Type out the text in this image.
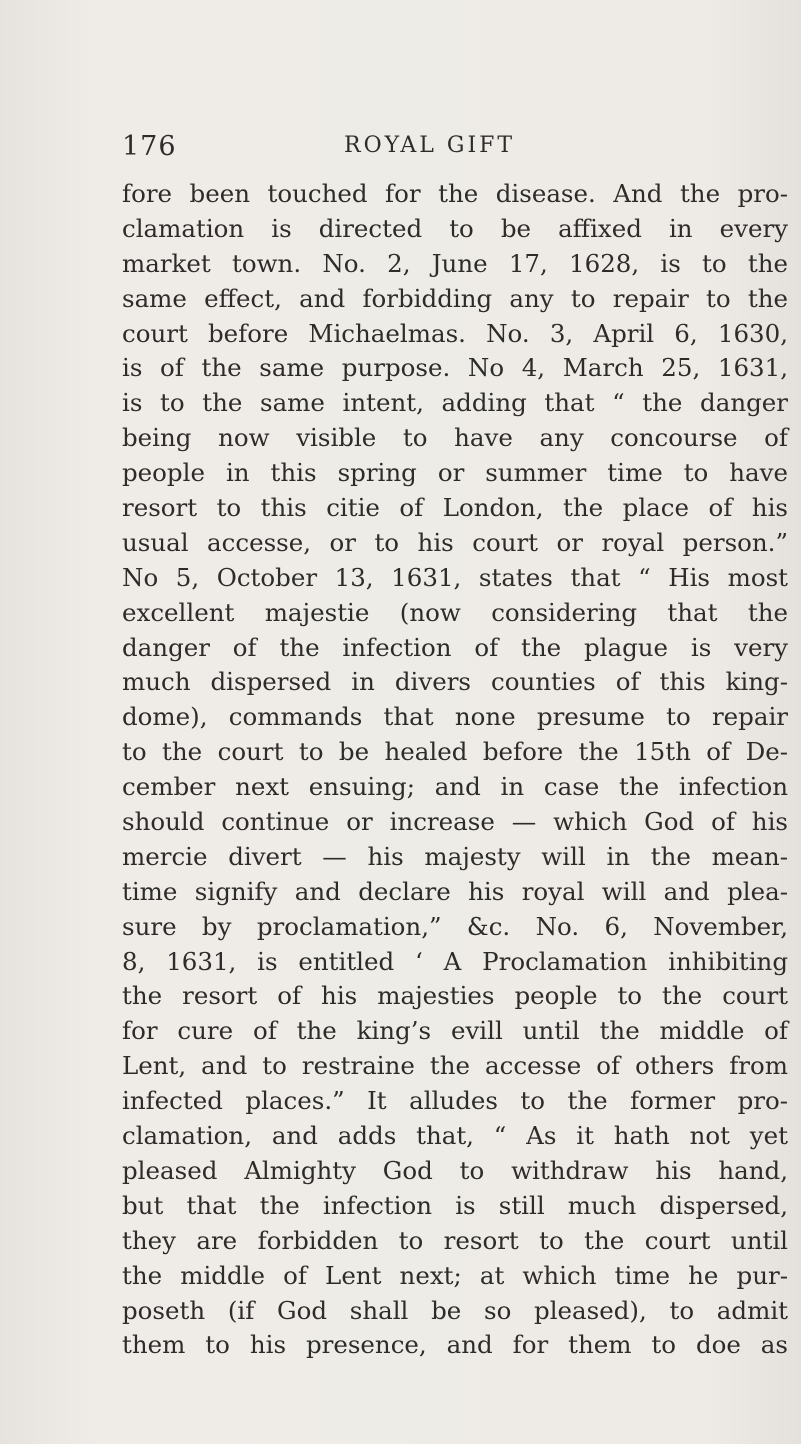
176	ROYAL GIFT
fore been touched for the disease. And the pro-
clamation is directed to be affixed in every
market town. No. 2, June 17, 1628, is to the
same effect, and forbidding any to repair to the
court before Michaelmas. No. 3, April 6, 1630,
is of the same purpose. No 4, March 25, 1631,
is to the same intent, adding that “ the danger
being now visible to have any concourse of
people in this spring or summer time to have
resort to this citie of London, the place of his
usual accesse, or to his court or royal person.”
No 5, October 13, 1631, states that “ His most
excellent majestie (now considering that the
danger of the infection of the plague is very
much dispersed in divers counties of this king-
dome), commands that none presume to repair
to the court to be healed before the 15th of De-
cember next ensuing; and in case the infection
should continue or increase — which God of his
mercie divert — his majesty will in the mean-
time signify and declare his royal will and plea-
sure by proclamation,” &c. No. 6, November,
8, 1631, is entitled ‘ A Proclamation inhibiting
the resort of his majesties people to the court
for cure of the king’s evill until the middle of
Lent, and to restraine the accesse of others from
infected places.” It alludes to the former pro-
clamation, and adds that, “ As it hath not yet
pleased Almighty God to withdraw his hand,
but that the infection is still much dispersed,
they are forbidden to resort to the court until
the middle of Lent next; at which time he pur-
poseth (if God shall be so pleased), to admit
them to his presence, and for them to doe as
